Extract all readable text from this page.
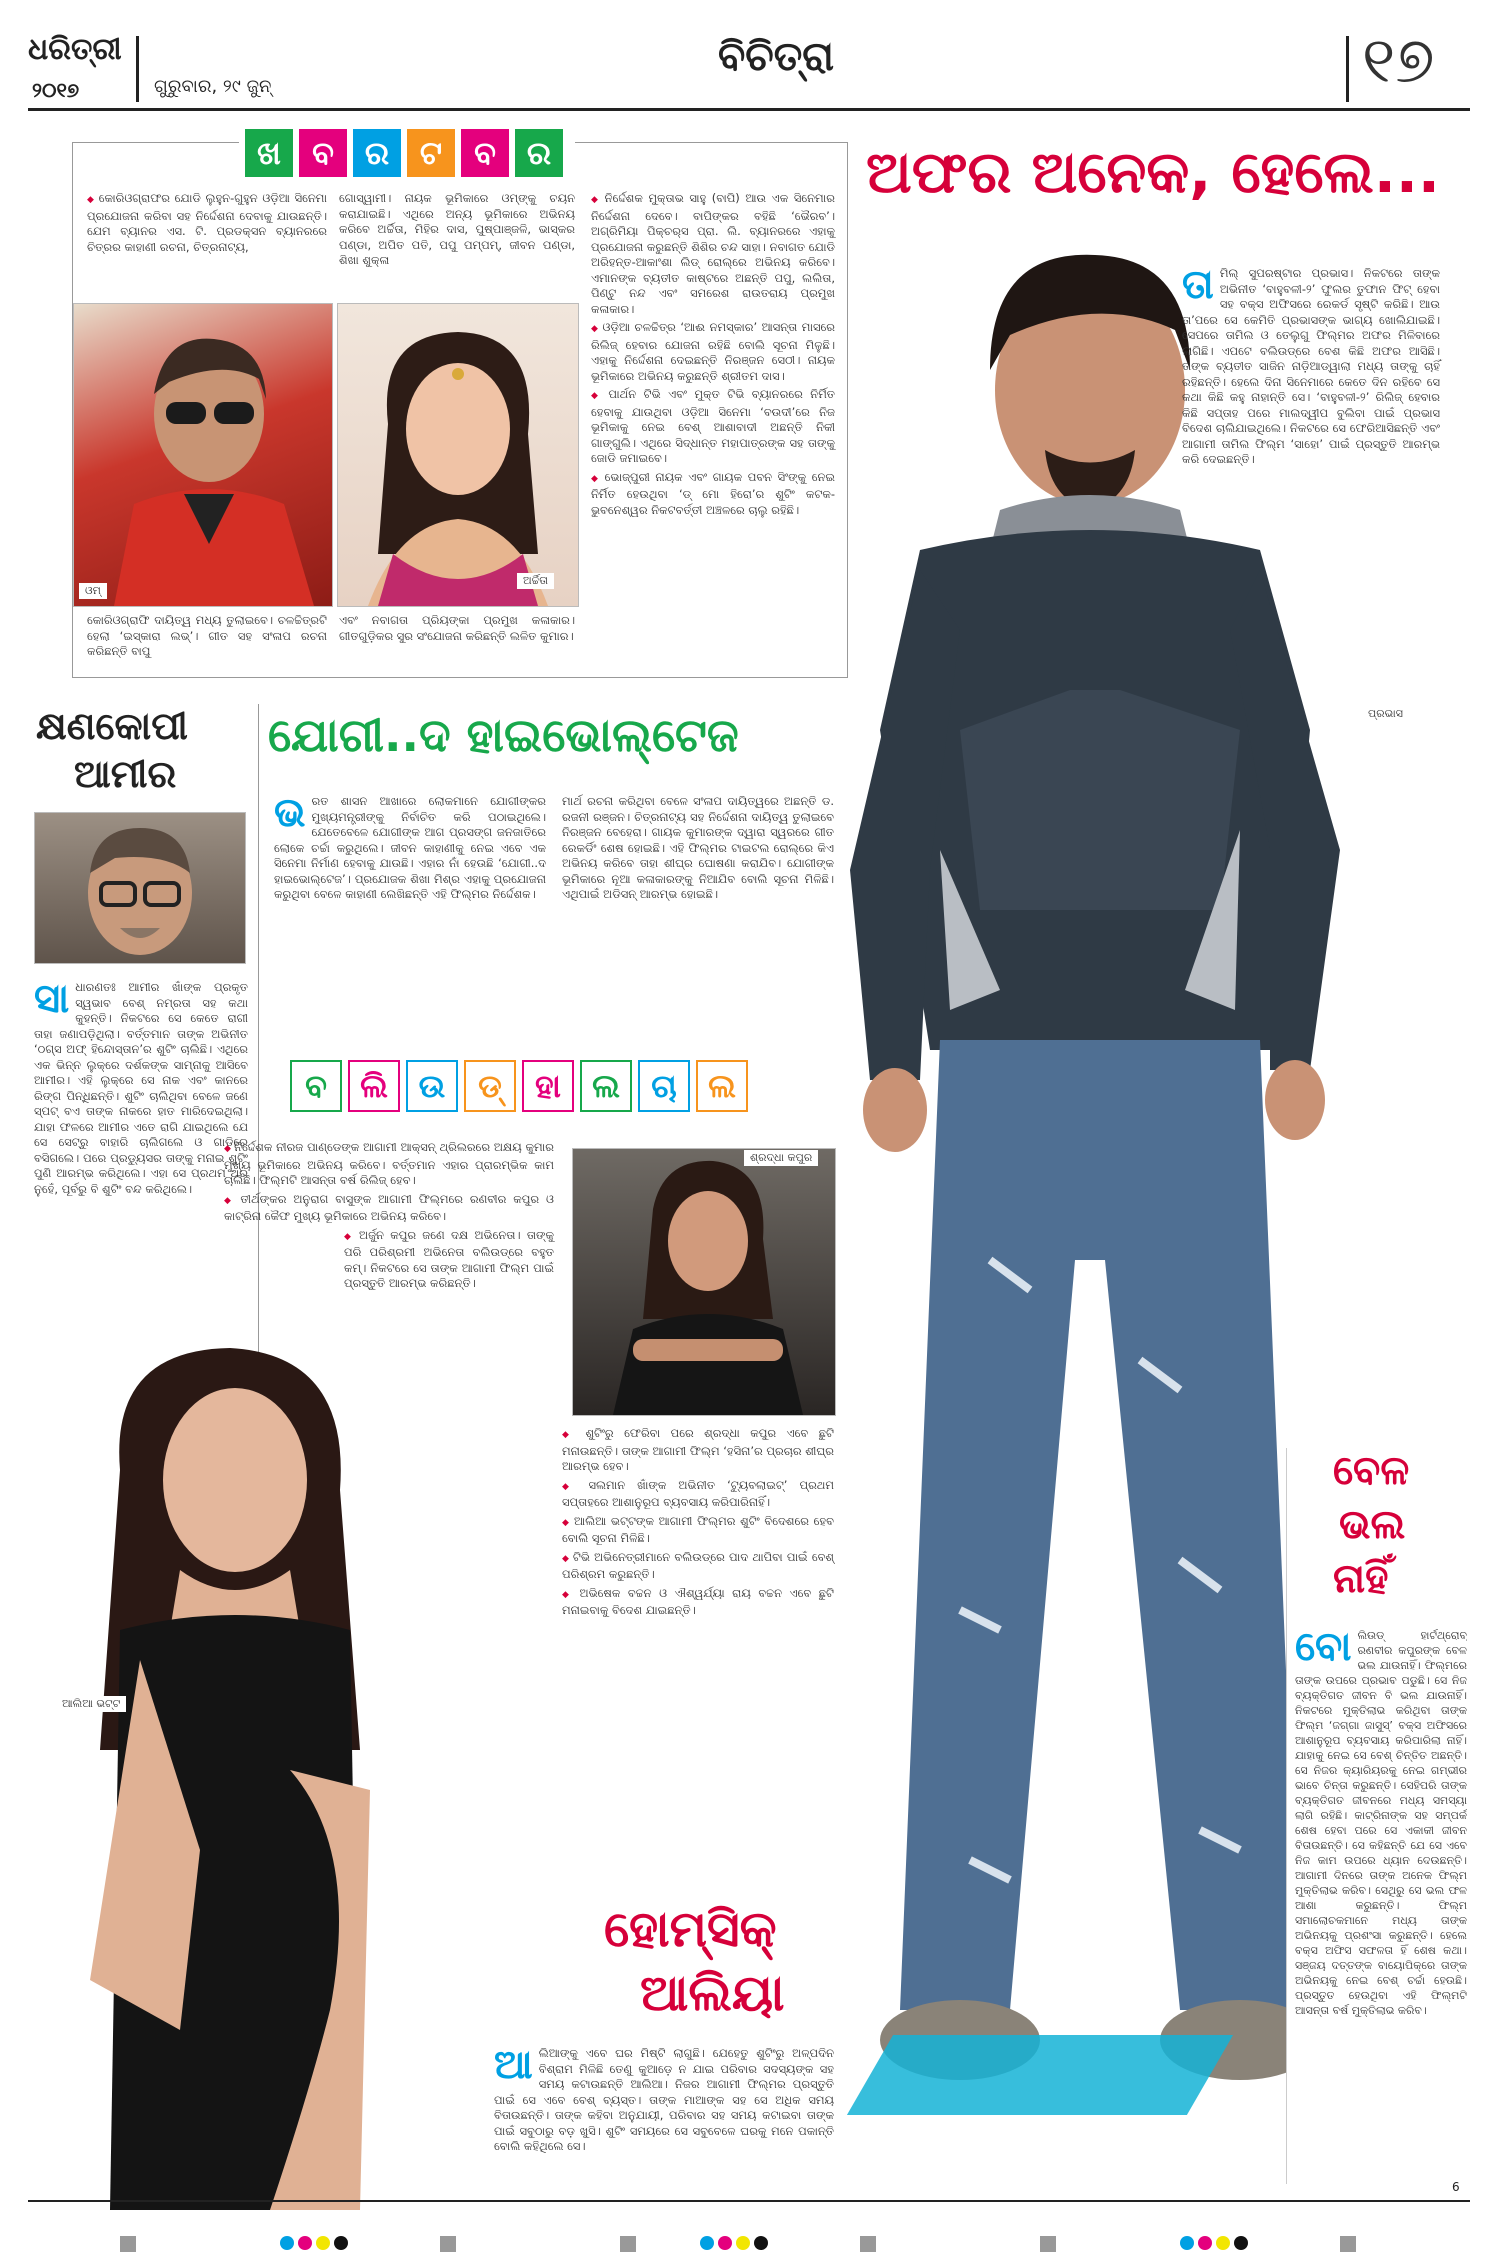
ଧରିତ୍ରୀ
୨୦୧୭	ଗୁରୁବାର, ୨୯ ଜୁନ୍
ବିଚିତ୍ରା	୧୭
ଖ ବ ର ଟ ବ ର

◆ କୋରିଓଗ୍ରାଫର ଯୋଡି ଲୁହୁନ-ଗୁହୁନ ଓଡ଼ିଆ ସିନେମା ପ୍ରଯୋଜନା କରିବା ସହ ନିର୍ଦ୍ଦେଶନା ଦେବାକୁ ଯାଉଛନ୍ତି। ଯେମ ବ୍ୟାନର ଏସ. ଟି. ପ୍ରଡକ୍ସନ ବ୍ୟାନରରେ ଚିତ୍ରର କାହାଣୀ ରଚନା, ଚିତ୍ରନାଟ୍ୟ,

ଗୋସ୍ୱାମୀ। ନାୟକ ଭୂମିକାରେ ଓମ୍‌ଙ୍କୁ ଚୟନ କରାଯାଇଛି। ଏଥିରେ ଅନ୍ୟ ଭୂମିକାରେ ଅଭିନୟ କରିବେ ଅର୍ଚ୍ଚିତା, ମିହିର ଦାସ, ପୁଷ୍ପାଞ୍ଜଳି, ଭାସ୍କର ପଣ୍ଡା, ଅପିତ ପତି, ପପୁ ପମ୍‌ପମ୍, ଜୀବନ ପଣ୍ଡା, ଶିଖା ଶୁକ୍ଳା

ଓମ୍
ଅର୍ଚ୍ଚିତା

◆ ନିର୍ଦ୍ଦେଶକ ମୁକ୍ତାଭ ସାହୁ (ବାପି) ଆଉ ଏକ ସିନେମାର ନିର୍ଦ୍ଦେଶନା ଦେବେ। ବାପିଙ୍କର ବହିଛି ‘ଭୈରବ’। ଅଗ୍ରିମିୟା ପିକ୍ଚର୍‌ସ ପ୍ରା. ଲି. ବ୍ୟାନରରେ ଏହାକୁ ପ୍ରଯୋଜନା କରୁଛନ୍ତି ଶିଶିର ଚନ୍ଦ ସାହା। ନବାଗତ ଯୋଡି ଅରିହନ୍ତ-ଆକାଂଶା ଲିଡ୍ ରୋଲ୍‌ରେ ଅଭିନୟ କରିବେ। ଏମାନଙ୍କ ବ୍ୟତୀତ କାଷ୍ଟରେ ଅଛନ୍ତି ପପୁ, ଲଲିତା, ପିଣ୍ଟୁ ନନ୍ଦ ଏବଂ ସମରେଶ ରାଉତରାୟ ପ୍ରମୁଖ କଳାକାର।

◆ ଓଡ଼ିଆ ଚଳଚ୍ଚିତ୍ର ‘ଆଈ ନମସ୍କାର’ ଆସନ୍ତା ମାସରେ ରିଲିଜ୍ ହେବାର ଯୋଜନା ରହିଛି ବୋଲି ସୂଚନା ମିଳୁଛି। ଏହାକୁ ନିର୍ଦ୍ଦେଶନା ଦେଇଛନ୍ତି ନିରଞ୍ଜନ ସେଠୀ। ନାୟକ ଭୂମିକାରେ ଅଭିନୟ କରୁଛନ୍ତି ଶ୍ରୀତମ ଦାସ।

◆ ପାର୍ଥନ ଟିଭି ଏବଂ ମୁକ୍ତ ଟିଭି ବ୍ୟାନରରେ ନିର୍ମିତ ହେବାକୁ ଯାଉଥିବା ଓଡ଼ିଆ ସିନେମା ‘ବଉଦୀ’ରେ ନିଜ ଭୂମିକାକୁ ନେଇ ବେଶ୍ ଆଶାବାଦୀ ଅଛନ୍ତି ନିକୀ ଗାଙ୍ଗୁଲି। ଏଥିରେ ସିଦ୍ଧାନ୍ତ ମହାପାତ୍ରଙ୍କ ସହ ତାଙ୍କୁ ଜୋଡି ଜମାଇବେ।

◆ ଭୋଜ୍ପୁରୀ ନାୟକ ଏବଂ ଗାୟକ ପବନ ସିଂଙ୍କୁ ନେଇ ନିର୍ମିତ ହେଉଥିବା ‘ଡ୍ ମୋ ହିରୋ’ର ଶୁଟିଂ କଟକ-ଭୁବନେଶ୍ୱର ନିକଟବର୍ତ୍ତୀ ଅଞ୍ଚଳରେ ଚାଲୁ ରହିଛି।

କୋରିଓଗ୍ରାଫି ଦାୟିତ୍ୱ ମଧ୍ୟ ତୁଲାଇବେ। ଚଳଚ୍ଚିତ୍ରଟି ହେଲା ‘ଇସ୍କାରା ଲଭ୍’। ଗୀତ ସହ ସଂଳାପ ରଚନା କରିଛନ୍ତି ବାପୁ
ଏବଂ ନବାଗତା ପ୍ରିୟଙ୍କା ପ୍ରମୁଖ କଳାକାର। ଗୀତଗୁଡ଼ିକର ସୁର ସଂଯୋଜନା କରିଛନ୍ତି ଲଳିତ କୁମାର।
ଅଫର ଅନେକ, ହେଲେ...
ତା ମିଲ୍ ସୁପରଷ୍ଟାର ପ୍ରଭାସ। ନିକଟରେ ତାଙ୍କ ଅଭିନୀତ ‘ବାହୁବଳୀ-୨’ ଫୁଲର ତୁଫାନ ଫିଟ୍ ହେବା ସହ ବକ୍ସ ଅଫିସରେ ରେକର୍ଡ ସୃଷ୍ଟି କରିଛି। ଆଉ ତା’ପରେ ସେ କେମିତି ପ୍ରଭାସଙ୍କ ଭାଗ୍ୟ ଖୋଲିଯାଇଛି। ସେପରେ ତାମିଲ ଓ ତେଲୁଗୁ ଫିଲ୍ମର ଅଫର ମିଳିବାରେ ଲାଗିଛି। ଏପଟେ ବଲିଉଡ୍‌ରେ ବେଶ କିଛି ଅଫର ଆସିଛି। ତାଙ୍କ ବ୍ୟତୀତ ସାଜିନ ନାଡ଼ିଆଡ୍‌ୱାଲା ମଧ୍ୟ ତାଙ୍କୁ ଚାହିଁ ରହିଛନ୍ତି। ହେଲେ ଦିନା ସିନେମାରେ କେତେ ଦିନ ରହିବେ ସେ କଥା କିଛି କହୁ ନାହାନ୍ତି ସେ। ‘ବାହୁବଳୀ-୨’ ରିଲିଜ୍ ହେବାର କିଛି ସପ୍ତାହ ପରେ ମାଲଦ୍ୱୀପ ବୁଲିବା ପାଇଁ ପ୍ରଭାସ ବିଦେଶ ଚାଲିଯାଇଥିଲେ। ନିକଟରେ ସେ ଫେରିଆସିଛନ୍ତି ଏବଂ ଆଗାମୀ ତାମିଲ ଫିଲ୍ମ ‘ସାହୋ’ ପାଇଁ ପ୍ରସ୍ତୁତି ଆରମ୍ଭ କରି ଦେଇଛନ୍ତି।
ପ୍ରଭାସ
କ୍ଷଣକୋପୀ
ଆମୀର
ସା ଧାରଣତଃ ଆମୀର ଖାଁଙ୍କ ପ୍ରକୃତ ସ୍ୱଭାବ ବେଶ୍ ନମ୍ରତା ସହ କଥା କୁହନ୍ତି। ନିକଟରେ ସେ କେତେ ରାଗୀ ତାହା ଜଣାପଡ଼ିଥିଲା। ବର୍ତ୍ତମାନ ତାଙ୍କ ଅଭିନୀତ ‘ଠଗ୍ସ ଅଫ୍ ହିନ୍ଦୋସ୍ତାନ’ର ଶୁଟିଂ ଚାଲିଛି। ଏଥିରେ ଏକ ଭିନ୍ନ ଲୁକ୍‌ରେ ଦର୍ଶକଙ୍କ ସାମ୍ନାକୁ ଆସିବେ ଆମୀର। ଏହି ଲୁକ୍‌ରେ ସେ ନାକ ଏବଂ କାନରେ ରିଙ୍ଗ ପିନ୍ଧିଛନ୍ତି। ଶୁଟିଂ ଚାଲିଥିବା ବେଳେ ଜଣେ ସ୍ପଟ୍ ବଏ ତାଙ୍କ ନାକରେ ହାତ ମାରିଦେଇଥିଲା। ଯାହା ଫଳରେ ଆମୀର ଏତେ ରାଗି ଯାଇଥିଲେ ଯେ ସେ ସେଟ୍‌ରୁ ବାହାରି ଚାଲିଗଲେ ଓ ଗାଡ଼ିରେ ବସିଗଲେ। ପରେ ପ୍ରଡ୍ୟୁସର ତାଙ୍କୁ ମନାଇ ଶୁଟିଂ ପୁଣି ଆରମ୍ଭ କରିଥିଲେ। ଏହା ସେ ପ୍ରଥମ ଥର ନୁହେଁ, ପୂର୍ବରୁ ବି ଶୁଟିଂ ବନ୍ଦ କରିଥିଲେ।
ଯୋଗୀ..ଦ ହାଇଭୋଲ୍‌ଟେଜ
ଭ ରତ ଶାସନ ଆଖାରେ ଲୋକମାନେ ଯୋଗୀଙ୍କର ମୁଖ୍ୟମନ୍ତ୍ରୀଙ୍କୁ ନିର୍ବାଚିତ କରି ପଠାଇଥିଲେ। ଯେତେବେଳେ ଯୋଗୀଙ୍କ ଆଗ ପ୍ରସଙ୍ଗ ଜନଜାତିରେ ଲୋକେ ଚର୍ଚ୍ଚା କରୁଥିଲେ। ଜୀବନ କାହାଣୀକୁ ନେଇ ଏବେ ଏକ ସିନେମା ନିର୍ମାଣ ହେବାକୁ ଯାଉଛି। ଏହାର ନାଁ ହେଉଛି ‘ଯୋଗୀ..ଦ ହାଇଭୋଲ୍‌ଟେଜ’। ପ୍ରଯୋଜକ ଶିଖା ମିଶ୍ର ଏହାକୁ ପ୍ରଯୋଜନା କରୁଥିବା ବେଳେ କାହାଣୀ ଲେଖିଛନ୍ତି ଏହି ଫିଲ୍ମର ନିର୍ଦ୍ଦେଶକ।
ମାର୍ଥ ରଚନା କରିଥିବା ବେଳେ ସଂଳାପ ଦାୟିତ୍ୱରେ ଅଛନ୍ତି ଡ. ରଜନୀ ରଞ୍ଜନ। ଚିତ୍ରନାଟ୍ୟ ସହ ନିର୍ଦ୍ଦେଶନା ଦାୟିତ୍ୱ ତୁଲାଇବେ ନିରଞ୍ଜନ ବେହେରା। ଗାୟକ କୁମାରଙ୍କ ଦ୍ୱାରା ସ୍ୱରରେ ଗୀତ ରେକର୍ଡିଂ ଶେଷ ହୋଇଛି। ଏହି ଫିଲ୍ମର ଟାଇଟଲ ରୋଲ୍‌ରେ କିଏ ଅଭିନୟ କରିବେ ତାହା ଶୀଘ୍ର ଘୋଷଣା କରାଯିବ। ଯୋଗୀଙ୍କ ଭୂମିକାରେ ନୂଆ କଳାକାରଙ୍କୁ ନିଆଯିବ ବୋଲି ସୂଚନା ମିଳିଛି। ଏଥିପାଇଁ ଅଡିସନ୍ ଆରମ୍ଭ ହୋଇଛି।
ବ ଲି ଉ ଡ୍ ହା ଲ ଚା ଲ

◆ ନିର୍ଦ୍ଦେଶକ ନୀରଜ ପାଣ୍ଡେଙ୍କ ଆଗାମୀ ଆକ୍ସନ୍ ଥ୍ରିଲରରେ ଅକ୍ଷୟ କୁମାର ମୁଖ୍ୟ ଭୂମିକାରେ ଅଭିନୟ କରିବେ। ବର୍ତ୍ତମାନ ଏହାର ପ୍ରାରମ୍ଭିକ କାମ ଚାଲିଛି। ଫିଲ୍ମଟି ଆସନ୍ତା ବର୍ଷ ରିଲିଜ୍ ହେବ।

◆ ତୀର୍ଥଙ୍କର ଅନୁରାଗ ବାସୁଙ୍କ ଆଗାମୀ ଫିଲ୍ମରେ ରଣବୀର କପୁର ଓ କାଟ୍ରିନା କୈଫ ମୁଖ୍ୟ ଭୂମିକାରେ ଅଭିନୟ କରିବେ।

◆ ଅର୍ଜୁନ କପୁର ଜଣେ ଦକ୍ଷ ଅଭିନେତା। ତାଙ୍କୁ ପରି ପରିଶ୍ରମୀ ଅଭିନେତା ବଲିଉଡ୍‌ରେ ବହୁତ କମ୍। ନିକଟରେ ସେ ତାଙ୍କ ଆଗାମୀ ଫିଲ୍ମ ପାଇଁ ପ୍ରସ୍ତୁତି ଆରମ୍ଭ କରିଛନ୍ତି।

ଶ୍ରଦ୍ଧା କପୁର

◆ ଶୁଟିଂରୁ ଫେରିବା ପରେ ଶ୍ରଦ୍ଧା କପୁର ଏବେ ଛୁଟି ମନାଉଛନ୍ତି। ତାଙ୍କ ଆଗାମୀ ଫିଲ୍ମ ‘ହସିନା’ର ପ୍ରଚାର ଶୀଘ୍ର ଆରମ୍ଭ ହେବ।

◆ ସଲମାନ ଖାଁଙ୍କ ଅଭିନୀତ ‘ଟ୍ୟୁବଲାଇଟ୍’ ପ୍ରଥମ ସପ୍ତାହରେ ଆଶାନୁରୂପ ବ୍ୟବସାୟ କରିପାରିନାହିଁ।

◆ ଆଲିଆ ଭଟ୍ଟଙ୍କ ଆଗାମୀ ଫିଲ୍ମର ଶୁଟିଂ ବିଦେଶରେ ହେବ ବୋଲି ସୂଚନା ମିଳିଛି।

◆ ଟିଭି ଅଭିନେତ୍ରୀମାନେ ବଲିଉଡ୍‌ରେ ପାଦ ଥାପିବା ପାଇଁ ବେଶ୍ ପରିଶ୍ରମ କରୁଛନ୍ତି।

◆ ଅଭିଷେକ ବଚ୍ଚନ ଓ ଐଶ୍ୱର୍ଯ୍ୟା ରାୟ ବଚ୍ଚନ ଏବେ ଛୁଟି ମନାଇବାକୁ ବିଦେଶ ଯାଇଛନ୍ତି।

ଆଲିଆ ଭଟ୍ଟ
ହୋମ୍‌ସିକ୍
ଆଲିୟା
ଆ ଲିଆଙ୍କୁ ଏବେ ଘର ମିଷ୍ଟି ଲାଗୁଛି। ଯେହେତୁ ଶୁଟିଂରୁ ଅଳ୍ପଦିନ ବିଶ୍ରାମ ମିଳିଛି ତେଣୁ କୁଆଡ଼େ ନ ଯାଇ ପରିବାର ସଦସ୍ୟଙ୍କ ସହ ସମୟ କଟାଉଛନ୍ତି ଆଲିଆ। ନିଜର ଆଗାମୀ ଫିଲ୍ମର ପ୍ରସ୍ତୁତି ପାଇଁ ସେ ଏବେ ବେଶ୍ ବ୍ୟସ୍ତ। ତାଙ୍କ ମାଆଙ୍କ ସହ ସେ ଅଧିକ ସମୟ ବିତାଉଛନ୍ତି। ତାଙ୍କ କହିବା ଅନୁଯାୟୀ, ପରିବାର ସହ ସମୟ କଟାଇବା ତାଙ୍କ ପାଇଁ ସବୁଠାରୁ ବଡ଼ ଖୁସି। ଶୁଟିଂ ସମୟରେ ସେ ସବୁବେଳେ ଘରକୁ ମନେ ପକାନ୍ତି ବୋଲି କହିଥିଲେ ସେ।
ବେଳ
ଭଲ
ନାହିଁ
ବୋ ଲିଉଡ୍ ହାର୍ଟଥ୍ରୋବ୍ ରଣବୀର କପୁରଙ୍କ ବେଳ ଭଲ ଯାଉନାହିଁ। ଫିଲ୍ମରେ ତାଙ୍କ ଉପରେ ପ୍ରଭାବ ପଡୁଛି। ସେ ନିଜ ବ୍ୟକ୍ତିଗତ ଜୀବନ ବି ଭଲ ଯାଉନାହିଁ। ନିକଟରେ ମୁକ୍ତିଲାଭ କରିଥିବା ତାଙ୍କ ଫିଲ୍ମ ‘ଜଗ୍ଗା ଜାସୁସ୍’ ବକ୍ସ ଅଫିସରେ ଆଶାନୁରୂପ ବ୍ୟବସାୟ କରିପାରିଲା ନାହିଁ। ଯାହାକୁ ନେଇ ସେ ବେଶ୍ ଚିନ୍ତିତ ଅଛନ୍ତି। ସେ ନିଜର କ୍ୟାରିୟରକୁ ନେଇ ଗମ୍ଭୀର ଭାବେ ଚିନ୍ତା କରୁଛନ୍ତି। ସେହିପରି ତାଙ୍କ ବ୍ୟକ୍ତିଗତ ଜୀବନରେ ମଧ୍ୟ ସମସ୍ୟା ଲାଗି ରହିଛି। କାଟ୍ରିନାଙ୍କ ସହ ସମ୍ପର୍କ ଶେଷ ହେବା ପରେ ସେ ଏକାକୀ ଜୀବନ ବିତାଉଛନ୍ତି। ସେ କହିଛନ୍ତି ଯେ ସେ ଏବେ ନିଜ କାମ ଉପରେ ଧ୍ୟାନ ଦେଉଛନ୍ତି। ଆଗାମୀ ଦିନରେ ତାଙ୍କ ଅନେକ ଫିଲ୍ମ ମୁକ୍ତିଲାଭ କରିବ। ସେଥିରୁ ସେ ଭଲ ଫଳ ଆଶା କରୁଛନ୍ତି। ଫିଲ୍ମ ସମାଲୋଚକମାନେ ମଧ୍ୟ ତାଙ୍କ ଅଭିନୟକୁ ପ୍ରଶଂସା କରୁଛନ୍ତି। ହେଲେ ବକ୍ସ ଅଫିସ ସଫଳତା ହିଁ ଶେଷ କଥା। ସଞ୍ଜୟ ଦତ୍ତଙ୍କ ବାୟୋପିକ୍‌ରେ ତାଙ୍କ ଅଭିନୟକୁ ନେଇ ବେଶ୍ ଚର୍ଚ୍ଚା ହେଉଛି। ପ୍ରସ୍ତୁତ ହେଉଥିବା ଏହି ଫିଲ୍ମଟି ଆସନ୍ତା ବର୍ଷ ମୁକ୍ତିଲାଭ କରିବ।
6
